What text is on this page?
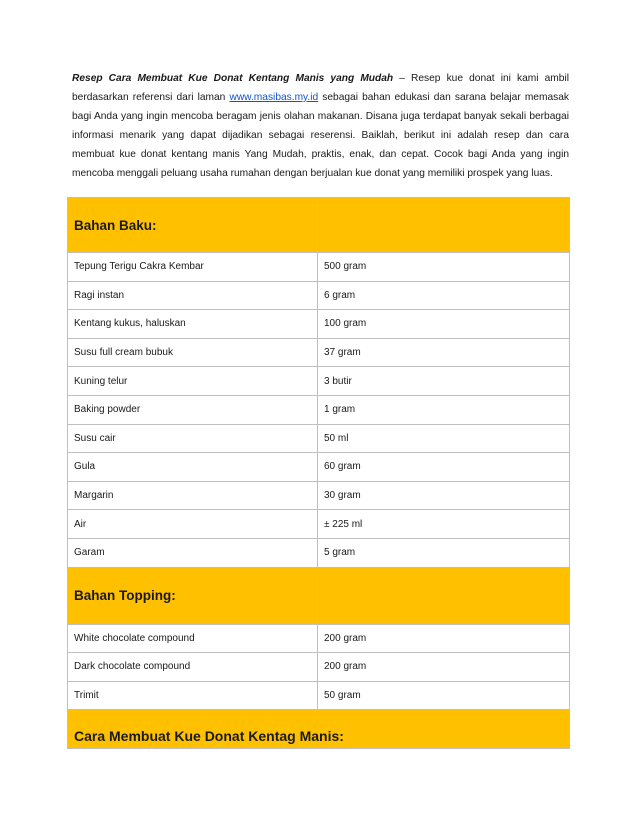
Resep Cara Membuat Kue Donat Kentang Manis yang Mudah – Resep kue donat ini kami ambil berdasarkan referensi dari laman www.masibas.my.id sebagai bahan edukasi dan sarana belajar memasak bagi Anda yang ingin mencoba beragam jenis olahan makanan. Disana juga terdapat banyak sekali berbagai informasi menarik yang dapat dijadikan sebagai reserensi. Baiklah, berikut ini adalah resep dan cara membuat kue donat kentang manis Yang Mudah, praktis, enak, dan cepat. Cocok bagi Anda yang ingin mencoba menggali peluang usaha rumahan dengan berjualan kue donat yang memiliki prospek yang luas.

Bahan Baku:	
Tepung Terigu Cakra Kembar	500 gram
Ragi instan	6 gram
Kentang kukus, haluskan	100 gram
Susu full cream bubuk	37 gram
Kuning telur	3 butir
Baking powder	1 gram
Susu cair	50 ml
Gula	60 gram
Margarin	30 gram
Air	± 225 ml
Garam	5 gram
Bahan Topping:	
White chocolate compound	200 gram
Dark chocolate compound	200 gram
Trimit	50 gram
Cara Membuat Kue Donat Kentag Manis:	
